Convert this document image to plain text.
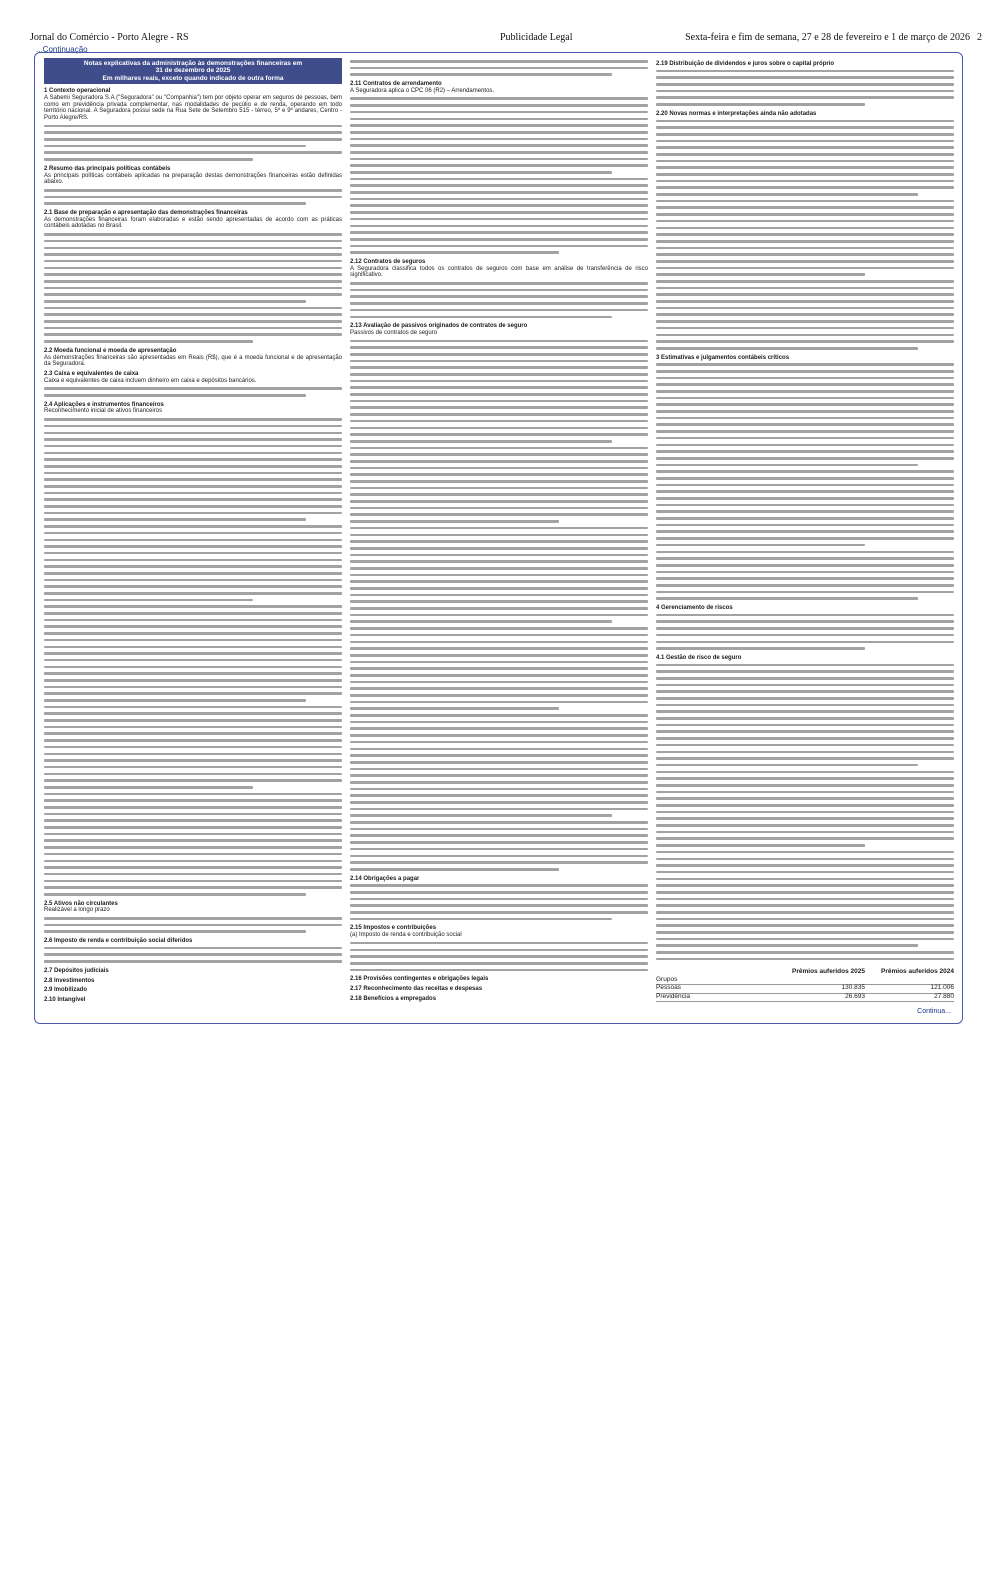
Jornal do Comércio - Porto Alegre - RS	Publicidade Legal	Sexta-feira e fim de semana, 27 e 28 de fevereiro e 1 de março de 2026 2
...Continuação
Notas explicativas da administração às demonstrações financeiras em
31 de dezembro de 2025
Em milhares reais, exceto quando indicado de outra forma
1 Contexto operacional
A Sabemi Seguradora S.A ("Seguradora" ou "Companhia") tem por objeto operar em seguros de pessoas, bem como em previdência privada complementar, nas modalidades de pecúlio e de renda, operando em todo território nacional. A Seguradora possui sede na Rua Sete de Setembro 515 - térreo, 5º e 9º andares, Centro - Porto Alegre/RS.
2 Resumo das principais políticas contábeis
As principais políticas contábeis aplicadas na preparação destas demonstrações financeiras estão definidas abaixo.
2.1 Base de preparação e apresentação das demonstrações financeiras
As demonstrações financeiras foram elaboradas e estão sendo apresentadas de acordo com as práticas contábeis adotadas no Brasil.
2.2 Moeda funcional e moeda de apresentação
As demonstrações financeiras são apresentadas em Reais (R$), que é a moeda funcional e de apresentação da Seguradora.
2.3 Caixa e equivalentes de caixa
Caixa e equivalentes de caixa incluem dinheiro em caixa e depósitos bancários.
2.4 Aplicações e instrumentos financeiros
Reconhecimento inicial de ativos financeiros
2.5 Ativos não circulantes
Realizável a longo prazo
2.6 Imposto de renda e contribuição social diferidos
2.7 Depósitos judiciais
2.8 Investimentos
2.9 Imobilizado
2.10 Intangível
2.11 Contratos de arrendamento
A Seguradora aplica o CPC 06 (R2) – Arrendamentos.
2.12 Contratos de seguros
A Seguradora classifica todos os contratos de seguros com base em análise de transferência de risco significativo.
2.13 Avaliação de passivos originados de contratos de seguro
Passivos de contratos de seguro
2.14 Obrigações a pagar
2.15 Impostos e contribuições
(a) Imposto de renda e contribuição social
2.16 Provisões contingentes e obrigações legais
2.17 Reconhecimento das receitas e despesas
2.18 Benefícios a empregados
2.19 Distribuição de dividendos e juros sobre o capital próprio
2.20 Novas normas e interpretações ainda não adotadas
3 Estimativas e julgamentos contábeis críticos
4 Gerenciamento de riscos
4.1 Gestão de risco de seguro
Prêmios auferidos 2025	Prêmios auferidos 2024
Grupos
Pessoas	130.835	121.006
Previdência	26.693	27.880
Continua...
